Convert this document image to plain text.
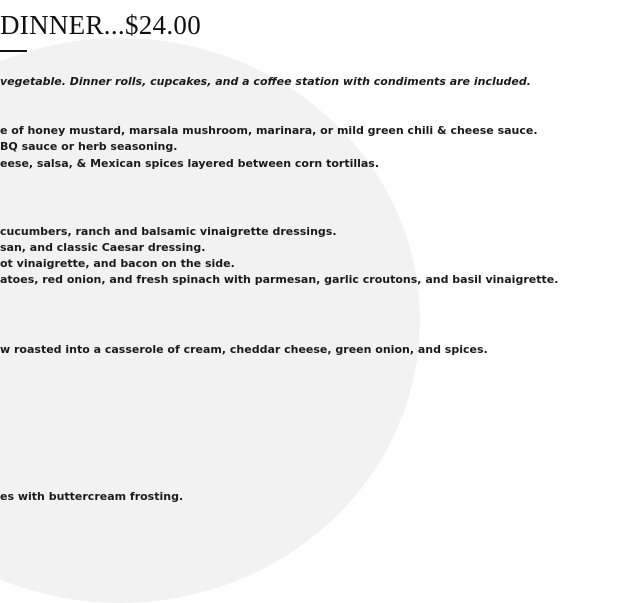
DINNER...$24.00

vegetable. Dinner rolls, cupcakes, and a coffee station with condiments are included.

e of honey mustard, marsala mushroom, marinara, or mild green chili & cheese sauce.

BQ sauce or herb seasoning.

eese, salsa, & Mexican spices layered between corn tortillas.

cucumbers, ranch and balsamic vinaigrette dressings.

san, and classic Caesar dressing.

ot vinaigrette, and bacon on the side.

atoes, red onion, and fresh spinach with parmesan, garlic croutons, and basil vinaigrette.

w roasted into a casserole of cream, cheddar cheese, green onion, and spices.

es with buttercream frosting.
